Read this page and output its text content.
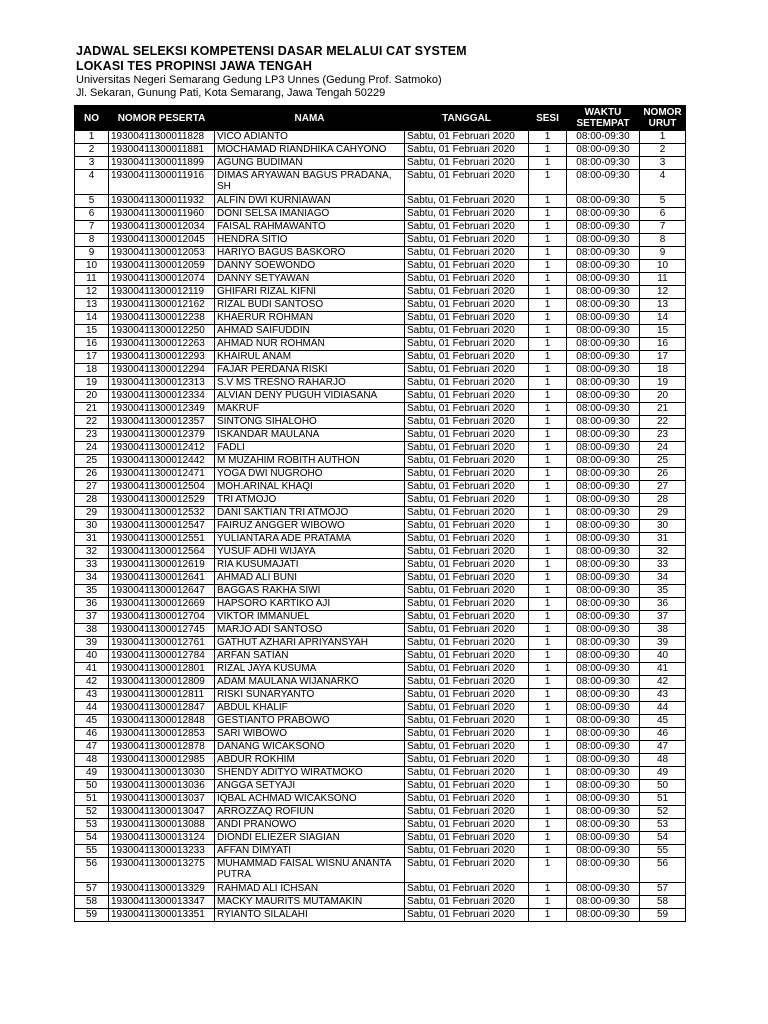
JADWAL SELEKSI KOMPETENSI DASAR MELALUI CAT SYSTEM
LOKASI TES PROPINSI JAWA TENGAH
Universitas Negeri Semarang Gedung LP3 Unnes (Gedung Prof. Satmoko)
Jl. Sekaran, Gunung Pati, Kota Semarang, Jawa Tengah 50229
NO	NOMOR PESERTA	NAMA	TANGGAL	SESI	WAKTU SETEMPAT	NOMOR URUT
1	19300411300011828	VICO ADIANTO	Sabtu, 01 Februari 2020	1	08:00-09:30	1
2	19300411300011881	MOCHAMAD RIANDHIKA CAHYONO	Sabtu, 01 Februari 2020	1	08:00-09:30	2
3	19300411300011899	AGUNG BUDIMAN	Sabtu, 01 Februari 2020	1	08:00-09:30	3
4	19300411300011916	DIMAS ARYAWAN BAGUS PRADANA, SH	Sabtu, 01 Februari 2020	1	08:00-09:30	4
5	19300411300011932	ALFIN DWI KURNIAWAN	Sabtu, 01 Februari 2020	1	08:00-09:30	5
6	19300411300011960	DONI SELSA IMANIAGO	Sabtu, 01 Februari 2020	1	08:00-09:30	6
7	19300411300012034	FAISAL RAHMAWANTO	Sabtu, 01 Februari 2020	1	08:00-09:30	7
8	19300411300012045	HENDRA SITIO	Sabtu, 01 Februari 2020	1	08:00-09:30	8
9	19300411300012053	HARIYO BAGUS BASKORO	Sabtu, 01 Februari 2020	1	08:00-09:30	9
10	19300411300012059	DANNY SOEWONDO	Sabtu, 01 Februari 2020	1	08:00-09:30	10
11	19300411300012074	DANNY SETYAWAN	Sabtu, 01 Februari 2020	1	08:00-09:30	11
12	19300411300012119	GHIFARI RIZAL KIFNI	Sabtu, 01 Februari 2020	1	08:00-09:30	12
13	19300411300012162	RIZAL BUDI SANTOSO	Sabtu, 01 Februari 2020	1	08:00-09:30	13
14	19300411300012238	KHAERUR ROHMAN	Sabtu, 01 Februari 2020	1	08:00-09:30	14
15	19300411300012250	AHMAD SAIFUDDIN	Sabtu, 01 Februari 2020	1	08:00-09:30	15
16	19300411300012263	AHMAD NUR ROHMAN	Sabtu, 01 Februari 2020	1	08:00-09:30	16
17	19300411300012293	KHAIRUL ANAM	Sabtu, 01 Februari 2020	1	08:00-09:30	17
18	19300411300012294	FAJAR PERDANA RISKI	Sabtu, 01 Februari 2020	1	08:00-09:30	18
19	19300411300012313	S.V MS TRESNO RAHARJO	Sabtu, 01 Februari 2020	1	08:00-09:30	19
20	19300411300012334	ALVIAN DENY PUGUH VIDIASANA	Sabtu, 01 Februari 2020	1	08:00-09:30	20
21	19300411300012349	MAKRUF	Sabtu, 01 Februari 2020	1	08:00-09:30	21
22	19300411300012357	SINTONG SIHALOHO	Sabtu, 01 Februari 2020	1	08:00-09:30	22
23	19300411300012379	ISKANDAR MAULANA	Sabtu, 01 Februari 2020	1	08:00-09:30	23
24	19300411300012412	FADLI	Sabtu, 01 Februari 2020	1	08:00-09:30	24
25	19300411300012442	M MUZAHIM ROBITH AUTHON	Sabtu, 01 Februari 2020	1	08:00-09:30	25
26	19300411300012471	YOGA DWI NUGROHO	Sabtu, 01 Februari 2020	1	08:00-09:30	26
27	19300411300012504	MOH.ARINAL KHAQI	Sabtu, 01 Februari 2020	1	08:00-09:30	27
28	19300411300012529	TRI ATMOJO	Sabtu, 01 Februari 2020	1	08:00-09:30	28
29	19300411300012532	DANI SAKTIAN TRI ATMOJO	Sabtu, 01 Februari 2020	1	08:00-09:30	29
30	19300411300012547	FAIRUZ ANGGER WIBOWO	Sabtu, 01 Februari 2020	1	08:00-09:30	30
31	19300411300012551	YULIANTARA ADE PRATAMA	Sabtu, 01 Februari 2020	1	08:00-09:30	31
32	19300411300012564	YUSUF ADHI WIJAYA	Sabtu, 01 Februari 2020	1	08:00-09:30	32
33	19300411300012619	RIA KUSUMAJATI	Sabtu, 01 Februari 2020	1	08:00-09:30	33
34	19300411300012641	AHMAD ALI BUNI	Sabtu, 01 Februari 2020	1	08:00-09:30	34
35	19300411300012647	BAGGAS RAKHA SIWI	Sabtu, 01 Februari 2020	1	08:00-09:30	35
36	19300411300012669	HAPSORO KARTIKO AJI	Sabtu, 01 Februari 2020	1	08:00-09:30	36
37	19300411300012704	VIKTOR IMMANUEL	Sabtu, 01 Februari 2020	1	08:00-09:30	37
38	19300411300012745	MARJO ADI SANTOSO	Sabtu, 01 Februari 2020	1	08:00-09:30	38
39	19300411300012761	GATHUT AZHARI APRIYANSYAH	Sabtu, 01 Februari 2020	1	08:00-09:30	39
40	19300411300012784	ARFAN SATIAN	Sabtu, 01 Februari 2020	1	08:00-09:30	40
41	19300411300012801	RIZAL JAYA KUSUMA	Sabtu, 01 Februari 2020	1	08:00-09:30	41
42	19300411300012809	ADAM MAULANA WIJANARKO	Sabtu, 01 Februari 2020	1	08:00-09:30	42
43	19300411300012811	RISKI SUNARYANTO	Sabtu, 01 Februari 2020	1	08:00-09:30	43
44	19300411300012847	ABDUL KHALIF	Sabtu, 01 Februari 2020	1	08:00-09:30	44
45	19300411300012848	GESTIANTO PRABOWO	Sabtu, 01 Februari 2020	1	08:00-09:30	45
46	19300411300012853	SARI WIBOWO	Sabtu, 01 Februari 2020	1	08:00-09:30	46
47	19300411300012878	DANANG WICAKSONO	Sabtu, 01 Februari 2020	1	08:00-09:30	47
48	19300411300012985	ABDUR ROKHIM	Sabtu, 01 Februari 2020	1	08:00-09:30	48
49	19300411300013030	SHENDY ADITYO WIRATMOKO	Sabtu, 01 Februari 2020	1	08:00-09:30	49
50	19300411300013036	ANGGA SETYAJI	Sabtu, 01 Februari 2020	1	08:00-09:30	50
51	19300411300013037	IQBAL ACHMAD WICAKSONO	Sabtu, 01 Februari 2020	1	08:00-09:30	51
52	19300411300013047	ARROZZAQ ROFIUN	Sabtu, 01 Februari 2020	1	08:00-09:30	52
53	19300411300013088	ANDI PRANOWO	Sabtu, 01 Februari 2020	1	08:00-09:30	53
54	19300411300013124	DIONDI ELIEZER SIAGIAN	Sabtu, 01 Februari 2020	1	08:00-09:30	54
55	19300411300013233	AFFAN DIMYATI	Sabtu, 01 Februari 2020	1	08:00-09:30	55
56	19300411300013275	MUHAMMAD FAISAL WISNU ANANTA PUTRA	Sabtu, 01 Februari 2020	1	08:00-09:30	56
57	19300411300013329	RAHMAD ALI ICHSAN	Sabtu, 01 Februari 2020	1	08:00-09:30	57
58	19300411300013347	MACKY MAURITS MUTAMAKIN	Sabtu, 01 Februari 2020	1	08:00-09:30	58
59	19300411300013351	RYIANTO SILALAHI	Sabtu, 01 Februari 2020	1	08:00-09:30	59
